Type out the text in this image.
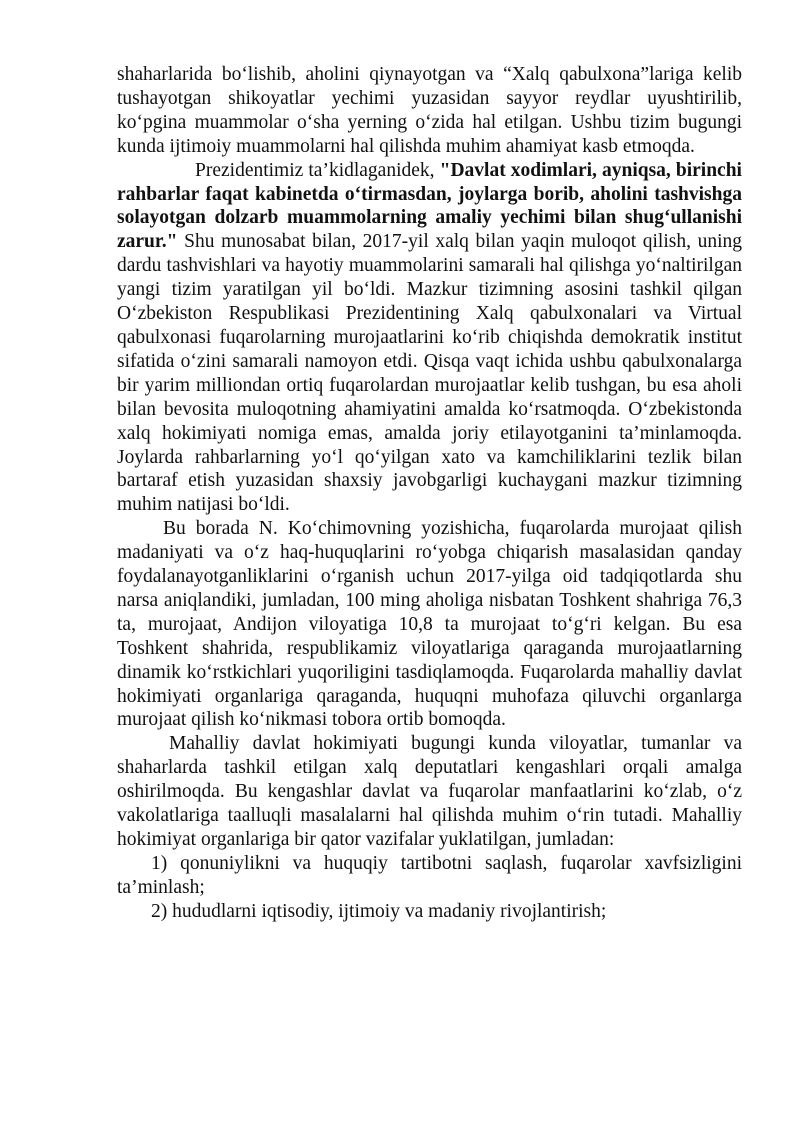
shaharlarida bo‘lishib, aholini qiynayotgan va “Xalq qabulxona”lariga kelib tushayotgan shikoyatlar yechimi yuzasidan sayyor reydlar uyushtirilib, ko‘pgina muammolar o‘sha yerning o‘zida hal etilgan. Ushbu tizim bugungi kunda ijtimoiy muammolarni hal qilishda muhim ahamiyat kasb etmoqda.

Prezidentimiz ta’kidlaganidek, "Davlat xodimlari, ayniqsa, birinchi rahbarlar faqat kabinetda o‘tirmasdan, joylarga borib, aholini tashvishga solayotgan dolzarb muammolarning amaliy yechimi bilan shug‘ullanishi zarur." Shu munosabat bilan, 2017-yil xalq bilan yaqin muloqot qilish, uning dardu tashvishlari va hayotiy muammolarini samarali hal qilishga yo‘naltirilgan yangi tizim yaratilgan yil bo‘ldi. Mazkur tizimning asosini tashkil qilgan O‘zbekiston Respublikasi Prezidentining Xalq qabulxonalari va Virtual qabulxonasi fuqarolarning murojaatlarini ko‘rib chiqishda demokratik institut sifatida o‘zini samarali namoyon etdi. Qisqa vaqt ichida ushbu qabulxonalarga bir yarim milliondan ortiq fuqarolardan murojaatlar kelib tushgan, bu esa aholi bilan bevosita muloqotning ahamiyatini amalda ko‘rsatmoqda. O‘zbekistonda xalq hokimiyati nomiga emas, amalda joriy etilayotganini ta’minlamoqda. Joylarda rahbarlarning yo‘l qo‘yilgan xato va kamchiliklarini tezlik bilan bartaraf etish yuzasidan shaxsiy javobgarligi kuchaygani mazkur tizimning muhim natijasi bo‘ldi.

Bu borada N. Ko‘chimovning yozishicha, fuqarolarda murojaat qilish madaniyati va o‘z haq-huquqlarini ro‘yobga chiqarish masalasidan qanday foydalanayotganliklarini o‘rganish uchun 2017-yilga oid tadqiqotlarda shu narsa aniqlandiki, jumladan, 100 ming aholiga nisbatan Toshkent shahriga 76,3 ta, murojaat, Andijon viloyatiga 10,8 ta murojaat to‘g‘ri kelgan. Bu esa Toshkent shahrida, respublikamiz viloyatlariga qaraganda murojaatlarning dinamik ko‘rstkichlari yuqoriligini tasdiqlamoqda. Fuqarolarda mahalliy davlat hokimiyati organlariga qaraganda, huquqni muhofaza qiluvchi organlarga murojaat qilish ko‘nikmasi tobora ortib bomoqda.

Mahalliy davlat hokimiyati bugungi kunda viloyatlar, tumanlar va shaharlarda tashkil etilgan xalq deputatlari kengashlari orqali amalga oshirilmoqda. Bu kengashlar davlat va fuqarolar manfaatlarini ko‘zlab, o‘z vakolatlariga taalluqli masalalarni hal qilishda muhim o‘rin tutadi. Mahalliy hokimiyat organlariga bir qator vazifalar yuklatilgan, jumladan:

1) qonuniylikni va huquqiy tartibotni saqlash, fuqarolar xavfsizligini ta’minlash;

2) hududlarni iqtisodiy, ijtimoiy va madaniy rivojlantirish;
